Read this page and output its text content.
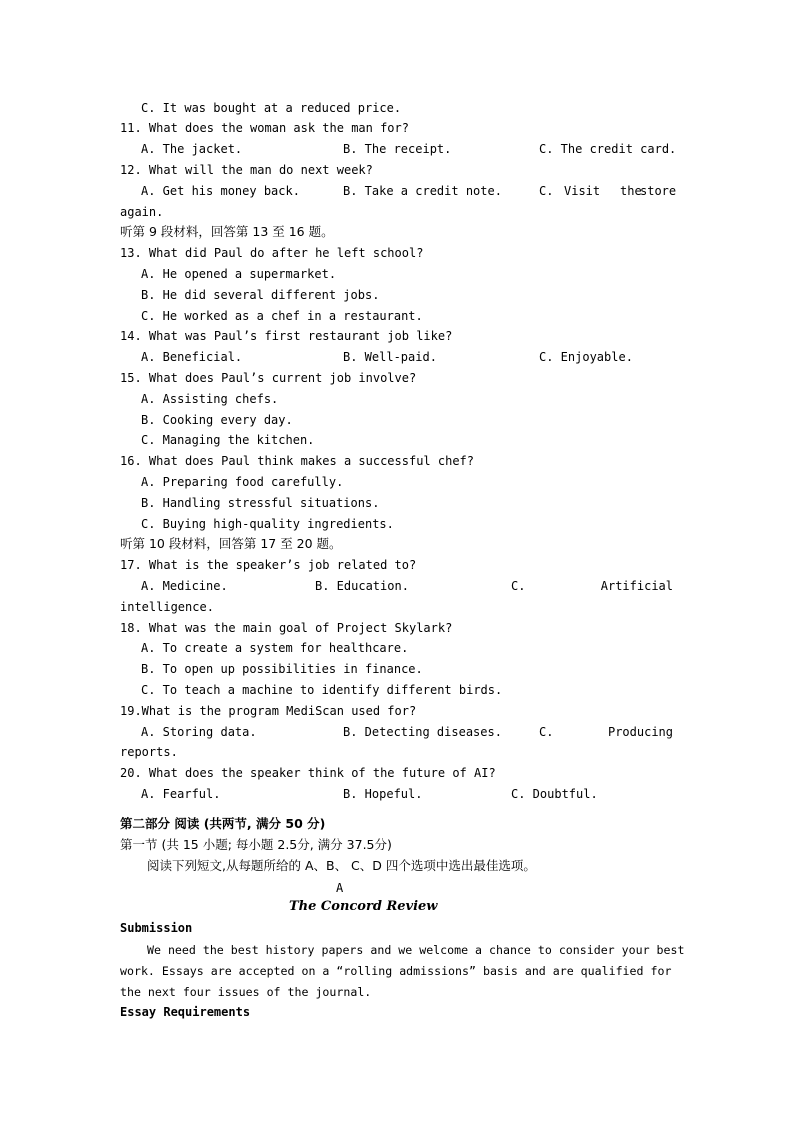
C. It was bought at a reduced price.
11. What does the woman ask the man for?
A. The jacket.	B. The receipt.	C. The credit card.
12. What will the man do next week?
A. Get his money back.	B. Take a credit note.	C. Visit the
store
again.
听第 9 段材料，回答第 13 至 16 题。
13. What did Paul do after he left school?
A. He opened a supermarket.
B. He did several different jobs.
C. He worked as a chef in a restaurant.
14. What was Paul’s first restaurant job like?
A. Beneficial.	B. Well-paid.	C. Enjoyable.
15. What does Paul’s current job involve?
A. Assisting chefs.
B. Cooking every day.
C. Managing the kitchen.
16. What does Paul think makes a successful chef?
A. Preparing food carefully.
B. Handling stressful situations.
C. Buying high-quality ingredients.
听第 10 段材料，回答第 17 至 20 题。
17. What is the speaker’s job related to?
A. Medicine.	B. Education.	C.	Artificial
intelligence.
18. What was the main goal of Project Skylark?
A. To create a system for healthcare.
B. To open up possibilities in finance.
C. To teach a machine to identify different birds.
19.What is the program MediScan used for?
A. Storing data.	B. Detecting diseases.	C.	Producing
reports.
20. What does the speaker think of the future of AI?
A. Fearful.	B. Hopeful.	C. Doubtful.
第二部分 阅读 (共两节, 满分 50 分)
第一节 (共 15 小题; 每小题 2.5分, 满分 37.5分)
阅读下列短文,从每题所给的 A、B、 C、D 四个选项中选出最佳选项。
A
The Concord Review
Submission
We need the best history papers and we welcome a chance to consider your best
work. Essays are accepted on a “rolling admissions” basis and are qualified for
the next four issues of the journal.
Essay Requirements
